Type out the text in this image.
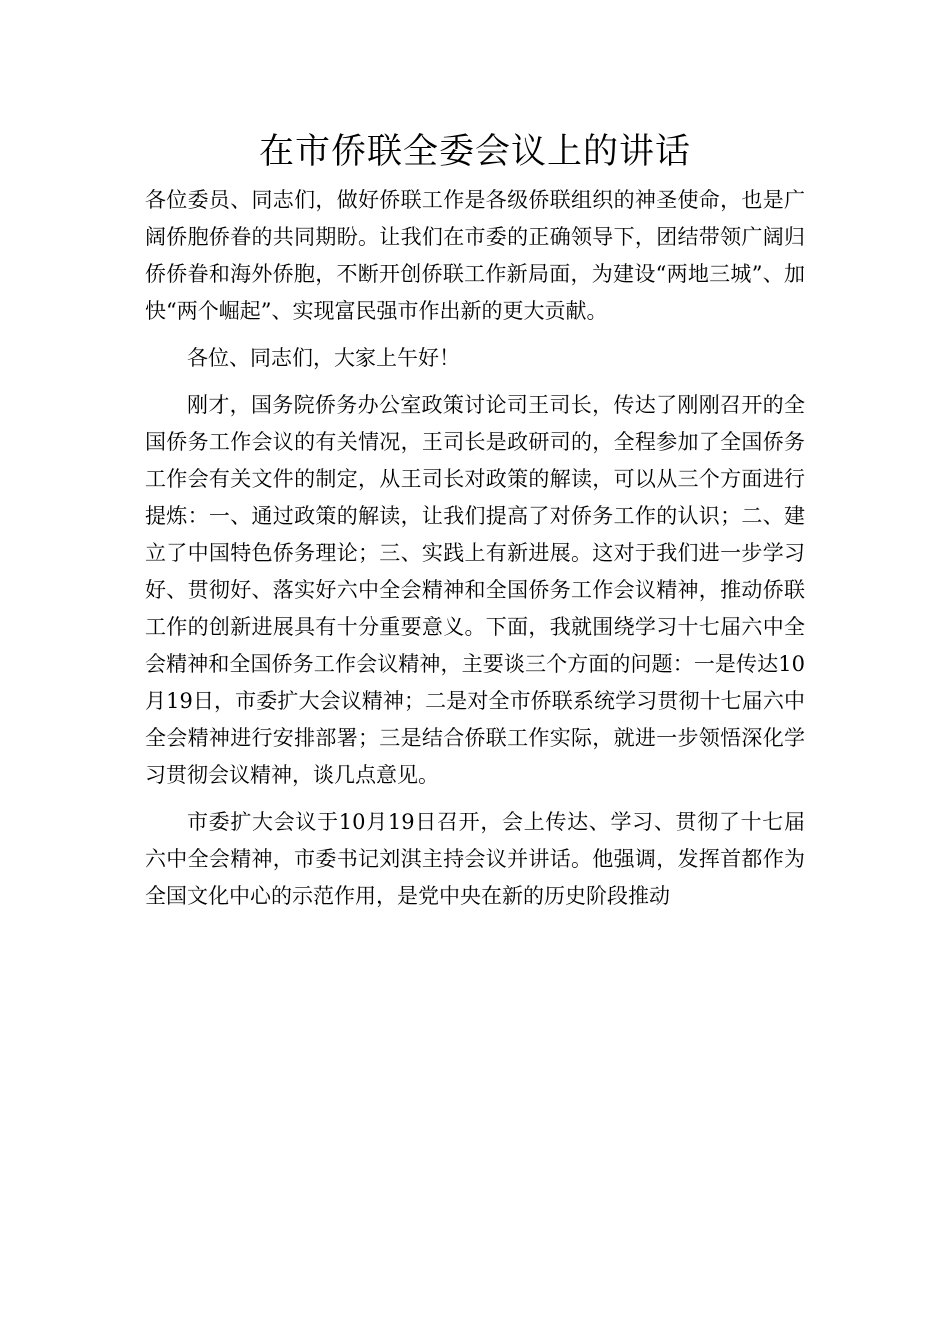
在市侨联全委会议上的讲话

各位委员、同志们，做好侨联工作是各级侨联组织的神圣使命，也是广阔侨胞侨眷的共同期盼。让我们在市委的正确领导下，团结带领广阔归侨侨眷和海外侨胞，不断开创侨联工作新局面，为建设“两地三城”、加快“两个崛起”、实现富民强市作出新的更大贡献。

各位、同志们，大家上午好！

刚才，国务院侨务办公室政策讨论司王司长，传达了刚刚召开的全国侨务工作会议的有关情况，王司长是政研司的，全程参加了全国侨务工作会有关文件的制定，从王司长对政策的解读，可以从三个方面进行提炼：一、通过政策的解读，让我们提高了对侨务工作的认识；二、建立了中国特色侨务理论；三、实践上有新进展。这对于我们进一步学习好、贯彻好、落实好六中全会精神和全国侨务工作会议精神，推动侨联工作的创新进展具有十分重要意义。下面，我就围绕学习十七届六中全会精神和全国侨务工作会议精神，主要谈三个方面的问题：一是传达10月19日，市委扩大会议精神；二是对全市侨联系统学习贯彻十七届六中全会精神进行安排部署；三是结合侨联工作实际，就进一步领悟深化学习贯彻会议精神，谈几点意见。

市委扩大会议于10月19日召开，会上传达、学习、贯彻了十七届六中全会精神，市委书记刘淇主持会议并讲话。他强调，发挥首都作为全国文化中心的示范作用，是党中央在新的历史阶段推动
